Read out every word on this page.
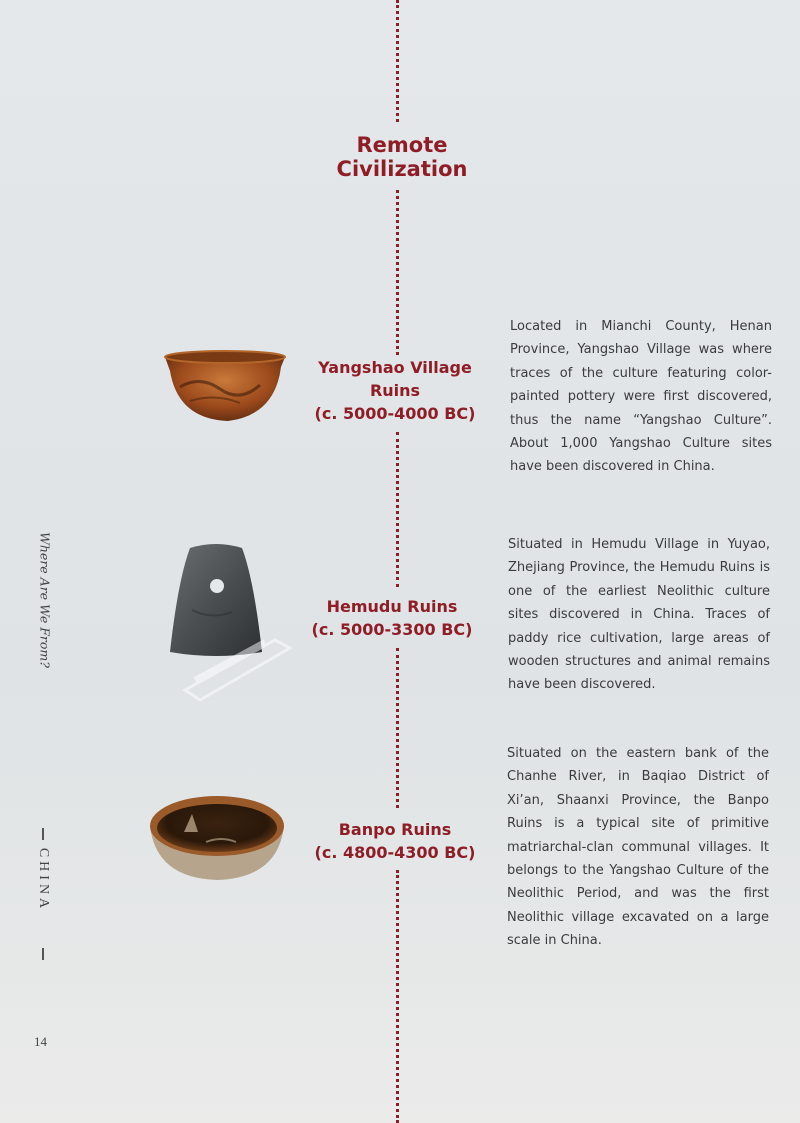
Remote
Civilization
Where Are We From?
CHINA
14
Yangshao Village
Ruins
(c. 5000-4000 BC)
Located in Mianchi County, Henan Province, Yangshao Village was where traces of the culture featuring color-painted pottery were first discovered, thus the name “Yangshao Culture”. About 1,000 Yangshao Culture sites have been discovered in China.
Hemudu Ruins
(c. 5000-3300 BC)
Situated in Hemudu Village in Yuyao, Zhejiang Province, the Hemudu Ruins is one of the earliest Neolithic culture sites discovered in China. Traces of paddy rice cultivation, large areas of wooden structures and animal remains have been discovered.
Banpo Ruins
(c. 4800-4300 BC)
Situated on the eastern bank of the Chanhe River, in Baqiao District of Xi’an, Shaanxi Province, the Banpo Ruins is a typical site of primitive matriarchal-clan communal villages. It belongs to the Yangshao Culture of the Neolithic Period, and was the first Neolithic village excavated on a large scale in China.
